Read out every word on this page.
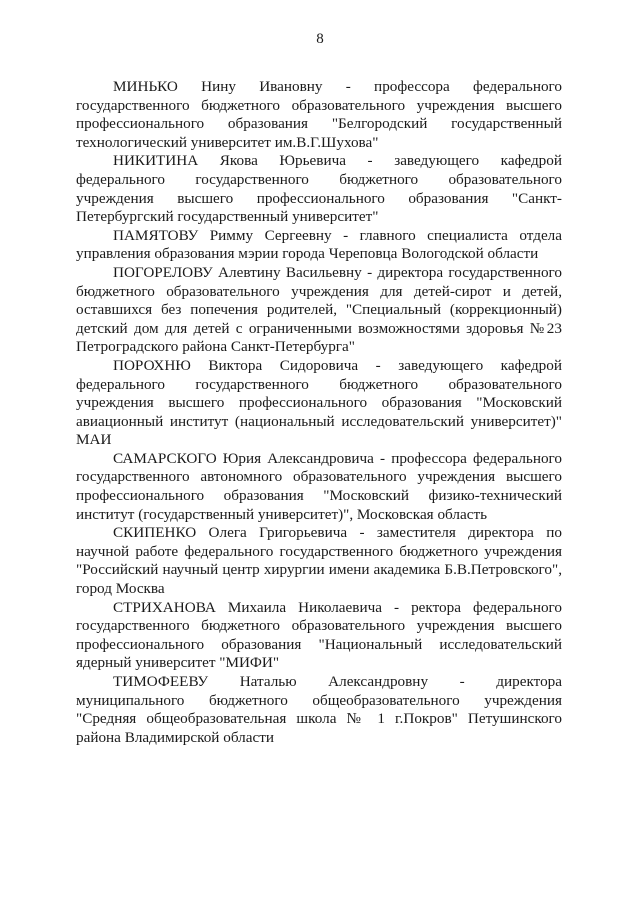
8

МИНЬКО Нину Ивановну - профессора федерального государственного бюджетного образовательного учреждения высшего профессионального образования "Белгородский государственный технологический университет им.В.Г.Шухова"

НИКИТИНА Якова Юрьевича - заведующего кафедрой федерального государственного бюджетного образовательного учреждения высшего профессионального образования "Санкт-Петербургский государственный университет"

ПАМЯТОВУ Римму Сергеевну - главного специалиста отдела управления образования мэрии города Череповца Вологодской области

ПОГОРЕЛОВУ Алевтину Васильевну - директора государственного бюджетного образовательного учреждения для детей-сирот и детей, оставшихся без попечения родителей, "Специальный (коррекционный) детский дом для детей с ограниченными возможностями здоровья №23 Петроградского района Санкт-Петербурга"

ПОРОХНЮ Виктора Сидоровича - заведующего кафедрой федерального государственного бюджетного образовательного учреждения высшего профессионального образования "Московский авиационный институт (национальный исследовательский университет)" МАИ

САМАРСКОГО Юрия Александровича - профессора федерального государственного автономного образовательного учреждения высшего профессионального образования "Московский физико-технический институт (государственный университет)", Московская область

СКИПЕНКО Олега Григорьевича - заместителя директора по научной работе федерального государственного бюджетного учреждения "Российский научный центр хирургии имени академика Б.В.Петровского", город Москва

СТРИХАНОВА Михаила Николаевича - ректора федерального государственного бюджетного образовательного учреждения высшего профессионального образования "Национальный исследовательский ядерный университет "МИФИ"

ТИМОФЕЕВУ Наталью Александровну - директора муниципального бюджетного общеобразовательного учреждения "Средняя общеобразовательная школа № 1 г.Покров" Петушинского района Владимирской области
